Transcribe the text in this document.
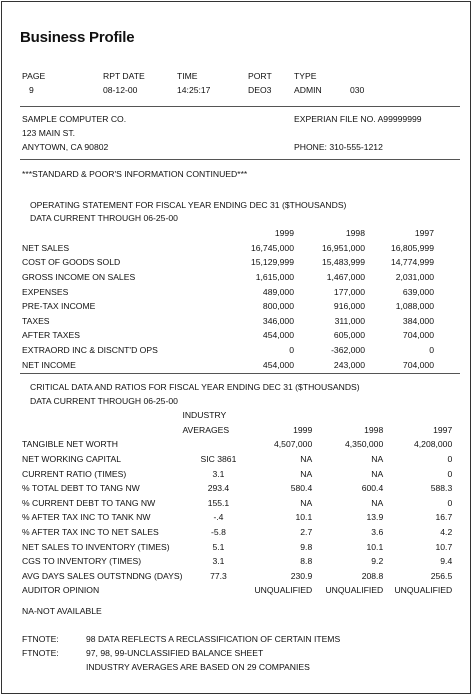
Business Profile
PAGE	RPT DATE	TIME	PORT	TYPE
9	08-12-00	14:25:17	DEO3	ADMIN	030
SAMPLE COMPUTER CO.
123 MAIN ST.
ANYTOWN, CA 90802
EXPERIAN FILE NO. A99999999
PHONE: 310-555-1212
***STANDARD & POOR'S INFORMATION CONTINUED***
OPERATING STATEMENT FOR FISCAL YEAR ENDING DEC 31 ($THOUSANDS)
DATA CURRENT THROUGH 06-25-00
		1999	1998	1997
NET SALES	16,745,000		16,951,000	16,805,999
COST OF GOODS SOLD	15,129,999		15,483,999	14,774,999
GROSS INCOME ON SALES	1,615,000		1,467,000	2,031,000
EXPENSES	489,000		177,000	639,000
PRE-TAX INCOME	800,000		916,000	1,088,000
TAXES	346,000		311,000	384,000
AFTER TAXES	454,000		605,000	704,000
EXTRAORD INC & DISCNT'D OPS	0		-362,000	0
NET INCOME	454,000		243,000	704,000
CRITICAL DATA AND RATIOS FOR FISCAL YEAR ENDING DEC 31 ($THOUSANDS)
DATA CURRENT THROUGH 06-25-00
	INDUSTRY			
	AVERAGES	1999	1998	1997
TANGIBLE NET WORTH		4,507,000	4,350,000	4,208,000
NET WORKING CAPITAL	SIC 3861	NA	NA	0
CURRENT RATIO (TIMES)	3.1	NA	NA	0
% TOTAL DEBT TO TANG NW	293.4	580.4	600.4	588.3
% CURRENT DEBT TO TANG NW	155.1	NA	NA	0
% AFTER TAX INC TO TANK NW	-.4	10.1	13.9	16.7
% AFTER TAX INC TO NET SALES	-5.8	2.7	3.6	4.2
NET SALES TO INVENTORY (TIMES)	5.1	9.8	10.1	10.7
CGS TO INVENTORY (TIMES)	3.1	8.8	9.2	9.4
AVG DAYS SALES OUTSTNDNG (DAYS)	77.3	230.9	208.8	256.5
AUDITOR OPINION		UNQUALIFIED	UNQUALIFIED	UNQUALIFIED
NA-NOT AVAILABLE
FTNOTE:	98 DATA REFLECTS A RECLASSIFICATION OF CERTAIN ITEMS
FTNOTE:	97, 98, 99-UNCLASSIFIED BALANCE SHEET
INDUSTRY AVERAGES ARE BASED ON 29 COMPANIES
